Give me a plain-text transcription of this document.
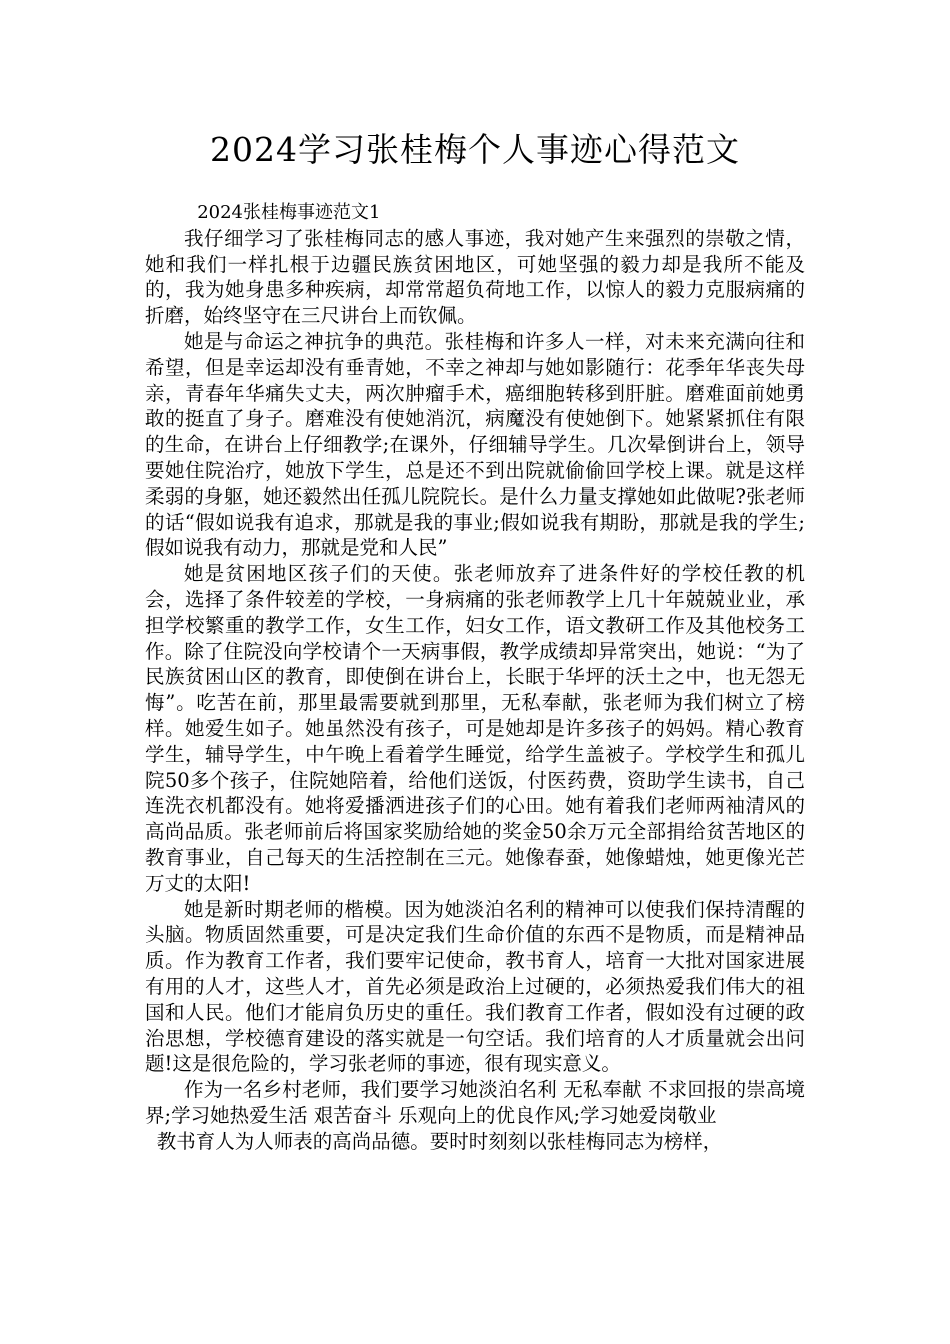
2024学习张桂梅个人事迹心得范文

2024张桂梅事迹范文1

我仔细学习了张桂梅同志的感人事迹，我对她产生来强烈的崇敬之情，她和我们一样扎根于边疆民族贫困地区，可她坚强的毅力却是我所不能及的，我为她身患多种疾病，却常常超负荷地工作，以惊人的毅力克服病痛的折磨，始终坚守在三尺讲台上而钦佩。

她是与命运之神抗争的典范。张桂梅和许多人一样，对未来充满向往和希望，但是幸运却没有垂青她，不幸之神却与她如影随行：花季年华丧失母亲，青春年华痛失丈夫，两次肿瘤手术，癌细胞转移到肝脏。磨难面前她勇敢的挺直了身子。磨难没有使她消沉，病魔没有使她倒下。她紧紧抓住有限的生命，在讲台上仔细教学;在课外，仔细辅导学生。几次晕倒讲台上，领导要她住院治疗，她放下学生，总是还不到出院就偷偷回学校上课。就是这样柔弱的身躯，她还毅然出任孤儿院院长。是什么力量支撑她如此做呢?张老师的话“假如说我有追求，那就是我的事业;假如说我有期盼，那就是我的学生;假如说我有动力，那就是党和人民”

她是贫困地区孩子们的天使。张老师放弃了进条件好的学校任教的机会，选择了条件较差的学校，一身病痛的张老师教学上几十年兢兢业业，承担学校繁重的教学工作，女生工作，妇女工作，语文教研工作及其他校务工作。除了住院没向学校请个一天病事假，教学成绩却异常突出，她说：“为了民族贫困山区的教育，即使倒在讲台上，长眠于华坪的沃土之中，也无怨无悔”。吃苦在前，那里最需要就到那里，无私奉献，张老师为我们树立了榜样。她爱生如子。她虽然没有孩子，可是她却是许多孩子的妈妈。精心教育学生，辅导学生，中午晚上看着学生睡觉，给学生盖被子。学校学生和孤儿院50多个孩子，住院她陪着，给他们送饭，付医药费，资助学生读书，自己连洗衣机都没有。她将爱播洒进孩子们的心田。她有着我们老师两袖清风的高尚品质。张老师前后将国家奖励给她的奖金50余万元全部捐给贫苦地区的教育事业，自己每天的生活控制在三元。她像春蚕，她像蜡烛，她更像光芒万丈的太阳!

她是新时期老师的楷模。因为她淡泊名利的精神可以使我们保持清醒的头脑。物质固然重要，可是决定我们生命价值的东西不是物质，而是精神品质。作为教育工作者，我们要牢记使命，教书育人，培育一大批对国家进展有用的人才，这些人才，首先必须是政治上过硬的，必须热爱我们伟大的祖国和人民。他们才能肩负历史的重任。我们教育工作者，假如没有过硬的政治思想，学校德育建设的落实就是一句空话。我们培育的人才质量就会出问题!这是很危险的，学习张老师的事迹，很有现实意义。

作为一名乡村老师，我们要学习她淡泊名利 无私奉献 不求回报的崇高境界;学习她热爱生活 艰苦奋斗 乐观向上的优良作风;学习她爱岗敬业

教书育人为人师表的高尚品德。要时时刻刻以张桂梅同志为榜样，
